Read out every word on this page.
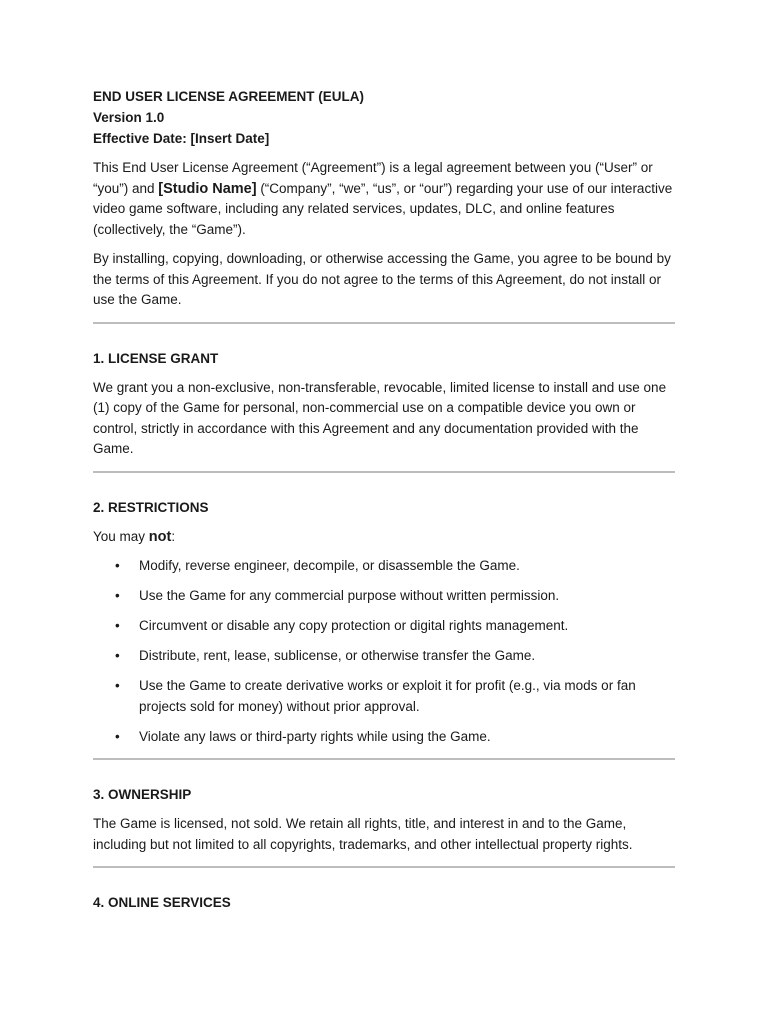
END USER LICENSE AGREEMENT (EULA)
Version 1.0
Effective Date: [Insert Date]

This End User License Agreement (“Agreement”) is a legal agreement between you (“User” or “you”) and [Studio Name] (“Company”, “we”, “us”, or “our”) regarding your use of our interactive video game software, including any related services, updates, DLC, and online features (collectively, the “Game”).

By installing, copying, downloading, or otherwise accessing the Game, you agree to be bound by the terms of this Agreement. If you do not agree to the terms of this Agreement, do not install or use the Game.

1. LICENSE GRANT

We grant you a non-exclusive, non-transferable, revocable, limited license to install and use one (1) copy of the Game for personal, non-commercial use on a compatible device you own or control, strictly in accordance with this Agreement and any documentation provided with the Game.

2. RESTRICTIONS

You may not:

• Modify, reverse engineer, decompile, or disassemble the Game.
• Use the Game for any commercial purpose without written permission.
• Circumvent or disable any copy protection or digital rights management.
• Distribute, rent, lease, sublicense, or otherwise transfer the Game.
• Use the Game to create derivative works or exploit it for profit (e.g., via mods or fan projects sold for money) without prior approval.
• Violate any laws or third-party rights while using the Game.
3. OWNERSHIP

The Game is licensed, not sold. We retain all rights, title, and interest in and to the Game, including but not limited to all copyrights, trademarks, and other intellectual property rights.

4. ONLINE SERVICES
